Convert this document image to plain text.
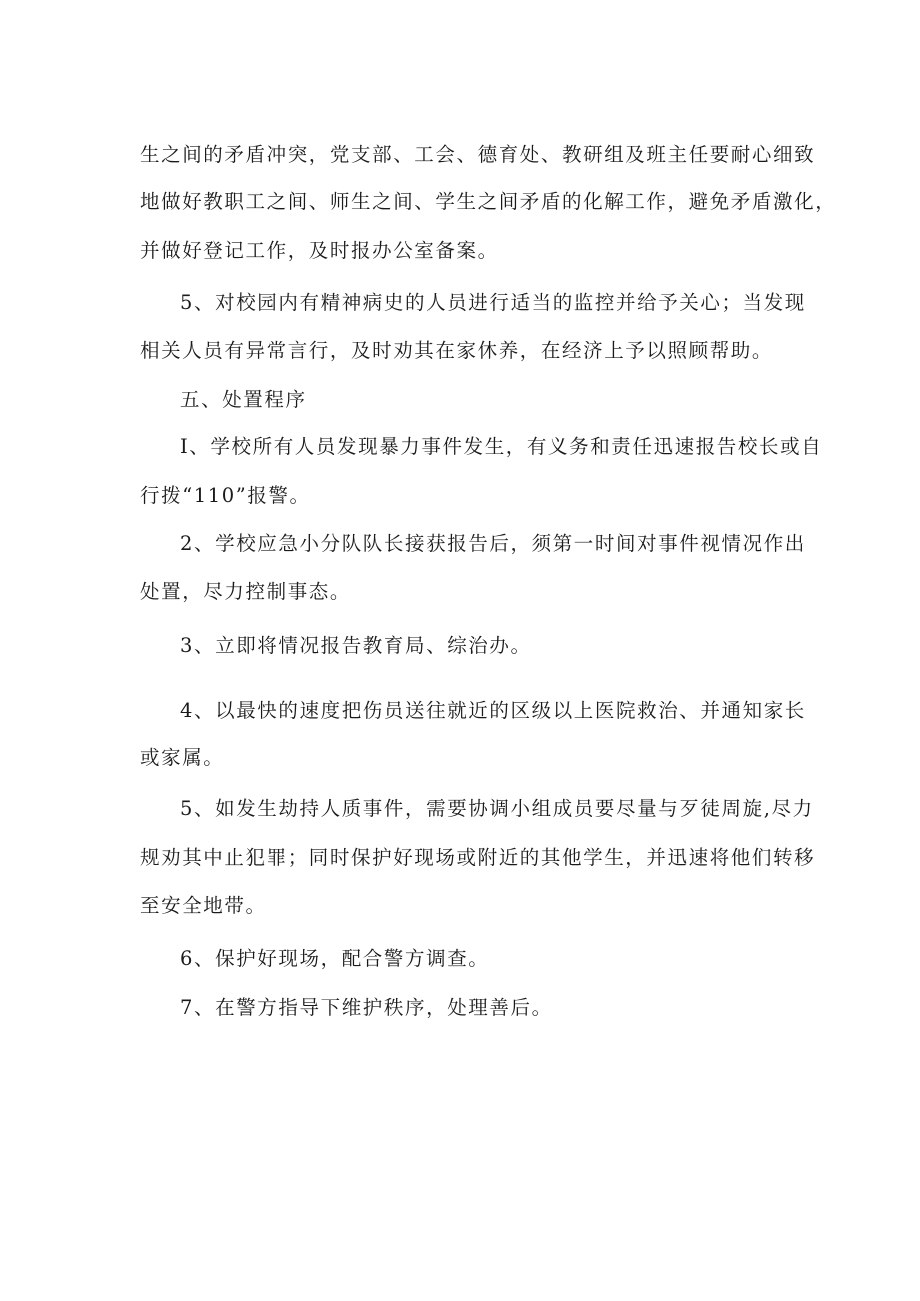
生之间的矛盾冲突，党支部、工会、德育处、教研组及班主任要耐心细致
地做好教职工之间、师生之间、学生之间矛盾的化解工作，避免矛盾激化，
并做好登记工作，及时报办公室备案。
5、对校园内有精神病史的人员进行适当的监控并给予关心；当发现
相关人员有异常言行，及时劝其在家休养，在经济上予以照顾帮助。
五、处置程序
I、学校所有人员发现暴力事件发生，有义务和责任迅速报告校长或自
行拨“110”报警。
2、学校应急小分队队长接获报告后，须第一时间对事件视情况作出
处置，尽力控制事态。
3、立即将情况报告教育局、综治办。
4、以最快的速度把伤员送往就近的区级以上医院救治、并通知家长
或家属。
5、如发生劫持人质事件，需要协调小组成员要尽量与歹徒周旋,尽力
规劝其中止犯罪；同时保护好现场或附近的其他学生，并迅速将他们转移
至安全地带。
6、保护好现场，配合警方调查。
7、在警方指导下维护秩序，处理善后。
